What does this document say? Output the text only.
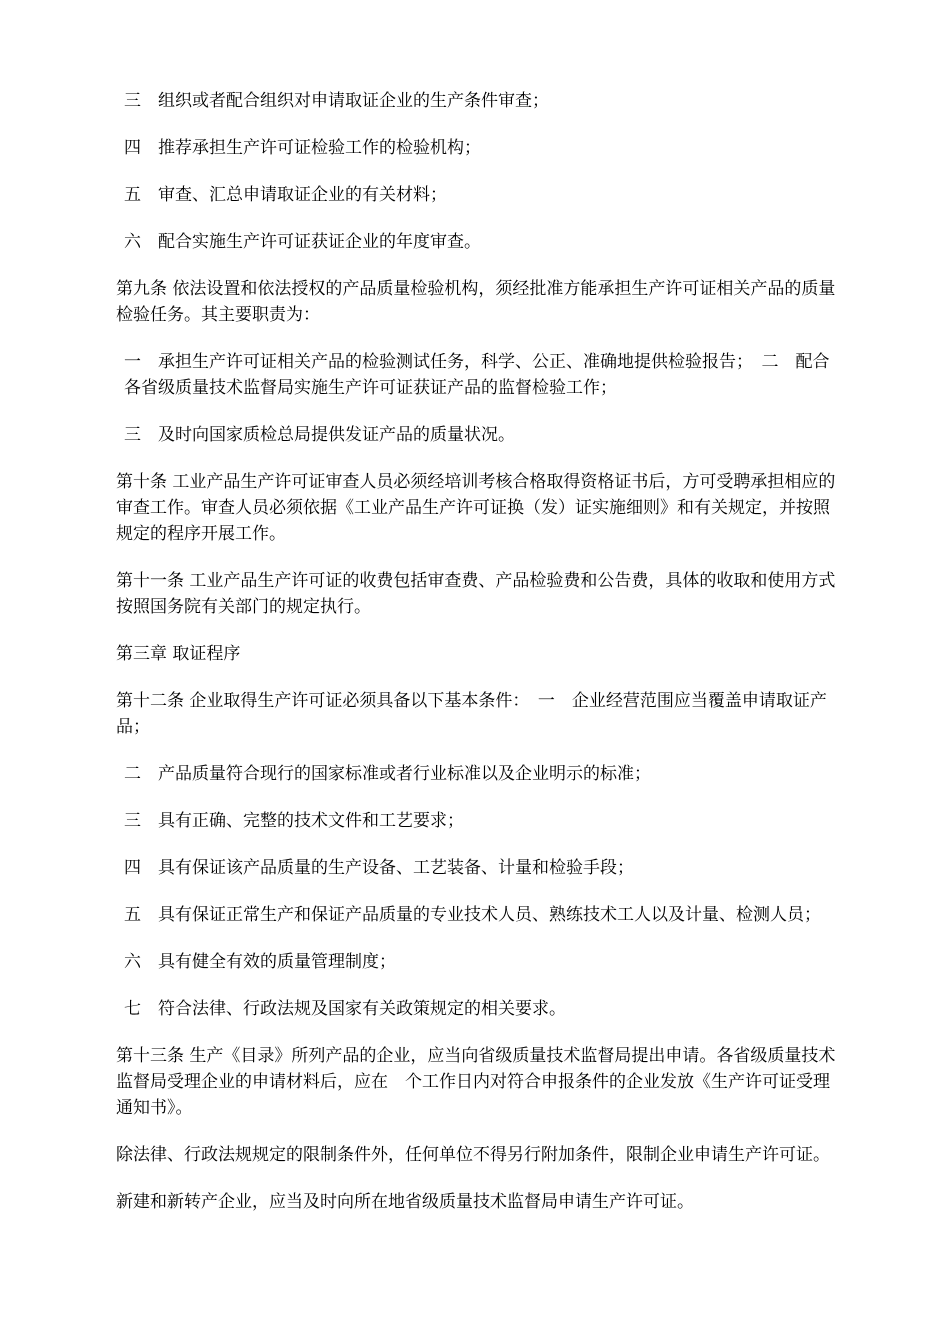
三　组织或者配合组织对申请取证企业的生产条件审查；

四　推荐承担生产许可证检验工作的检验机构；

五　审查、汇总申请取证企业的有关材料；

六　配合实施生产许可证获证企业的年度审查。

第九条 依法设置和依法授权的产品质量检验机构，须经批准方能承担生产许可证相关产品的质量检验任务。其主要职责为：

一　承担生产许可证相关产品的检验测试任务，科学、公正、准确地提供检验报告；　二　配合各省级质量技术监督局实施生产许可证获证产品的监督检验工作；

三　及时向国家质检总局提供发证产品的质量状况。

第十条 工业产品生产许可证审查人员必须经培训考核合格取得资格证书后，方可受聘承担相应的审查工作。审查人员必须依据《工业产品生产许可证换（发）证实施细则》和有关规定，并按照规定的程序开展工作。

第十一条 工业产品生产许可证的收费包括审查费、产品检验费和公告费，具体的收取和使用方式按照国务院有关部门的规定执行。

第三章 取证程序

第十二条 企业取得生产许可证必须具备以下基本条件：　一　企业经营范围应当覆盖申请取证产品；

二　产品质量符合现行的国家标准或者行业标准以及企业明示的标准；

三　具有正确、完整的技术文件和工艺要求；

四　具有保证该产品质量的生产设备、工艺装备、计量和检验手段；

五　具有保证正常生产和保证产品质量的专业技术人员、熟练技术工人以及计量、检测人员；

六　具有健全有效的质量管理制度；

七　符合法律、行政法规及国家有关政策规定的相关要求。

第十三条 生产《目录》所列产品的企业，应当向省级质量技术监督局提出申请。各省级质量技术监督局受理企业的申请材料后，应在　个工作日内对符合申报条件的企业发放《生产许可证受理通知书》。

除法律、行政法规规定的限制条件外，任何单位不得另行附加条件，限制企业申请生产许可证。

新建和新转产企业，应当及时向所在地省级质量技术监督局申请生产许可证。
